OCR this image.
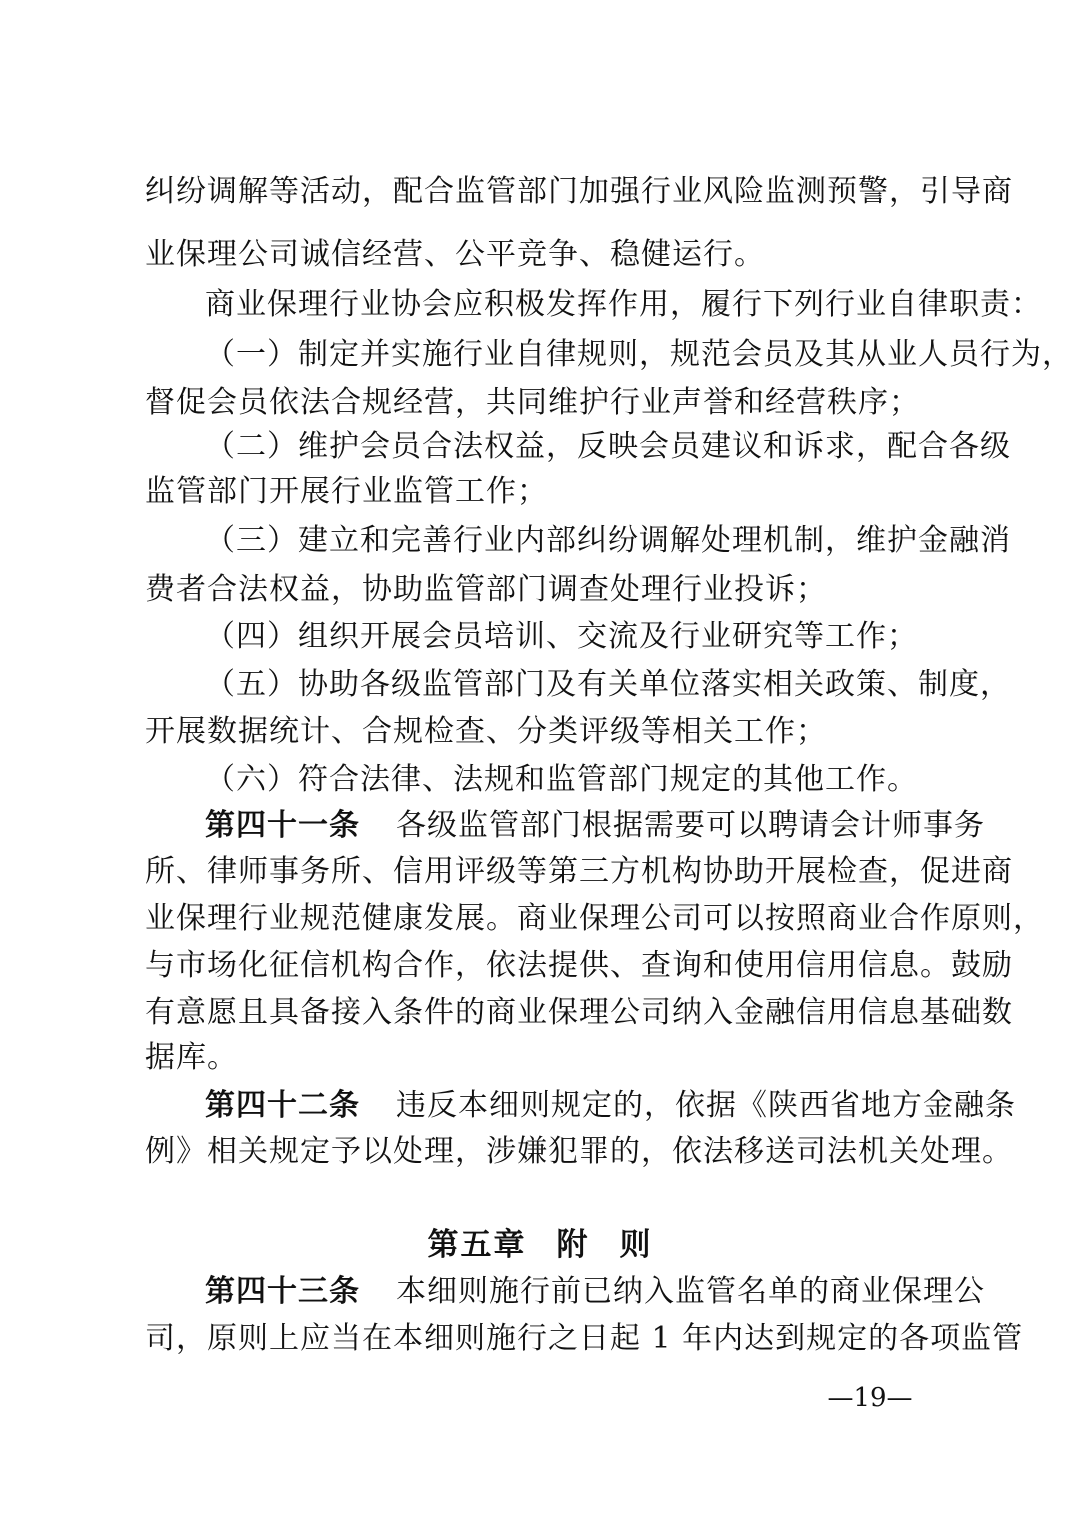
纠纷调解等活动，配合监管部门加强行业风险监测预警，引导商
业保理公司诚信经营、公平竞争、稳健运行。
商业保理行业协会应积极发挥作用，履行下列行业自律职责：
（一）制定并实施行业自律规则，规范会员及其从业人员行为，
督促会员依法合规经营，共同维护行业声誉和经营秩序；
（二）维护会员合法权益，反映会员建议和诉求，配合各级
监管部门开展行业监管工作；
（三）建立和完善行业内部纠纷调解处理机制，维护金融消
费者合法权益，协助监管部门调查处理行业投诉；
（四）组织开展会员培训、交流及行业研究等工作；
（五）协助各级监管部门及有关单位落实相关政策、制度，
开展数据统计、合规检查、分类评级等相关工作；
（六）符合法律、法规和监管部门规定的其他工作。
第四十一条 各级监管部门根据需要可以聘请会计师事务
所、律师事务所、信用评级等第三方机构协助开展检查，促进商
业保理行业规范健康发展。商业保理公司可以按照商业合作原则，
与市场化征信机构合作，依法提供、查询和使用信用信息。鼓励
有意愿且具备接入条件的商业保理公司纳入金融信用信息基础数
据库。
第四十二条 违反本细则规定的，依据《陕西省地方金融条
例》相关规定予以处理，涉嫌犯罪的，依法移送司法机关处理。
第五章 附 则
第四十三条 本细则施行前已纳入监管名单的商业保理公
司，原则上应当在本细则施行之日起 1 年内达到规定的各项监管
—19—
